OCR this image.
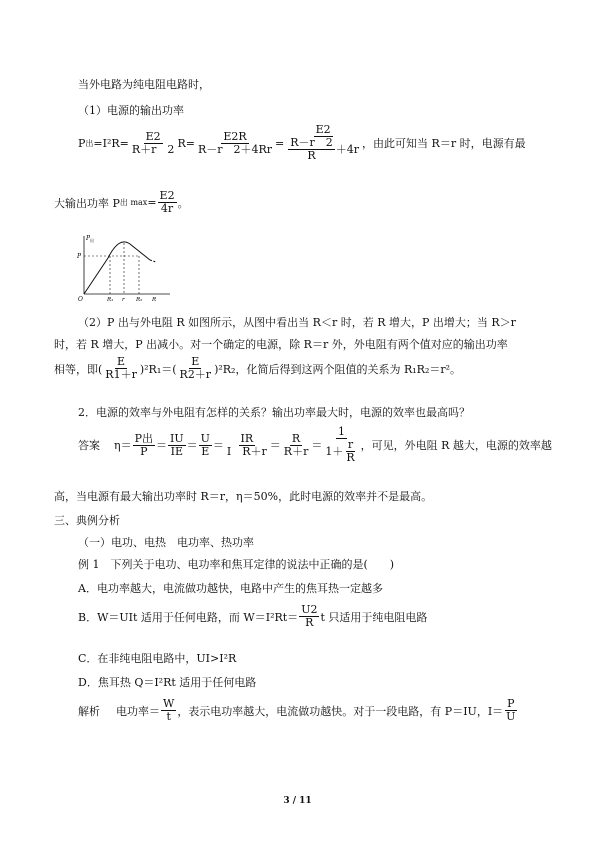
当外电路为纯电阻电路时，
（1）电源的输出功率
P 出 $=I^2R= \frac{E2}{R+r 2} R= \frac{E2R}{R-r 2+4Rr} = \frac{E2}{\frac{R-r 2}{R} +4r}$ ，由此可知当 R＝r 时，电源有最
大输出功率 P 出 $\max = \frac{E2}{4r}$ 。
P 出
P
O	R₁ r R₂ R
（2）P 出与外电阻 R 如图所示，从图中看出当 R＜r 时，若 R 增大，P 出增大；当 R＞r
时，若 R 增大，P 出减小。对一个确定的电源，除 R＝r 外，外电阻有两个值对应的输出功率
相等，即( $\frac{E}{R1+r} )^2R_1=( \frac{E}{R2+r} )^2R_2$，化简后得到这两个阻值的关系为 R₁R₂＝r²。
2．电源的效率与外电阻有怎样的关系？输出功率最大时，电源的效率也最高吗？
答案 $\eta= \frac{\text{P出}}{P} = \frac{IU}{IE} = \frac{U}{E} = \frac{IR}{\text{I　R＋r}} = \frac{R}{R+r} = \frac{1}{1+ \frac{r}{R}}$ ，可见，外电阻 R 越大，电源的效率越
高，当电源有最大输出功率时 R＝r，η＝50%，此时电源的效率并不是最高。
三、典例分析
（一）电功、电热　电功率、热功率
例 1　下列关于电功、电功率和焦耳定律的说法中正确的是(　　)
A．电功率越大，电流做功越快，电路中产生的焦耳热一定越多
B．W＝UIt 适用于任何电路，而 $W=I^2Rt= \frac{U2}{R}$ t 只适用于纯电阻电路
C．在非纯电阻电路中，UI>I²R
D．焦耳热 Q＝I²Rt 适用于任何电路
解析 电功率＝ $\frac{W}{t}$ ，表示电功率越大，电流做功越快。对于一段电路，有 P＝IU，$I= \frac{P}{U}$
3 / 11
